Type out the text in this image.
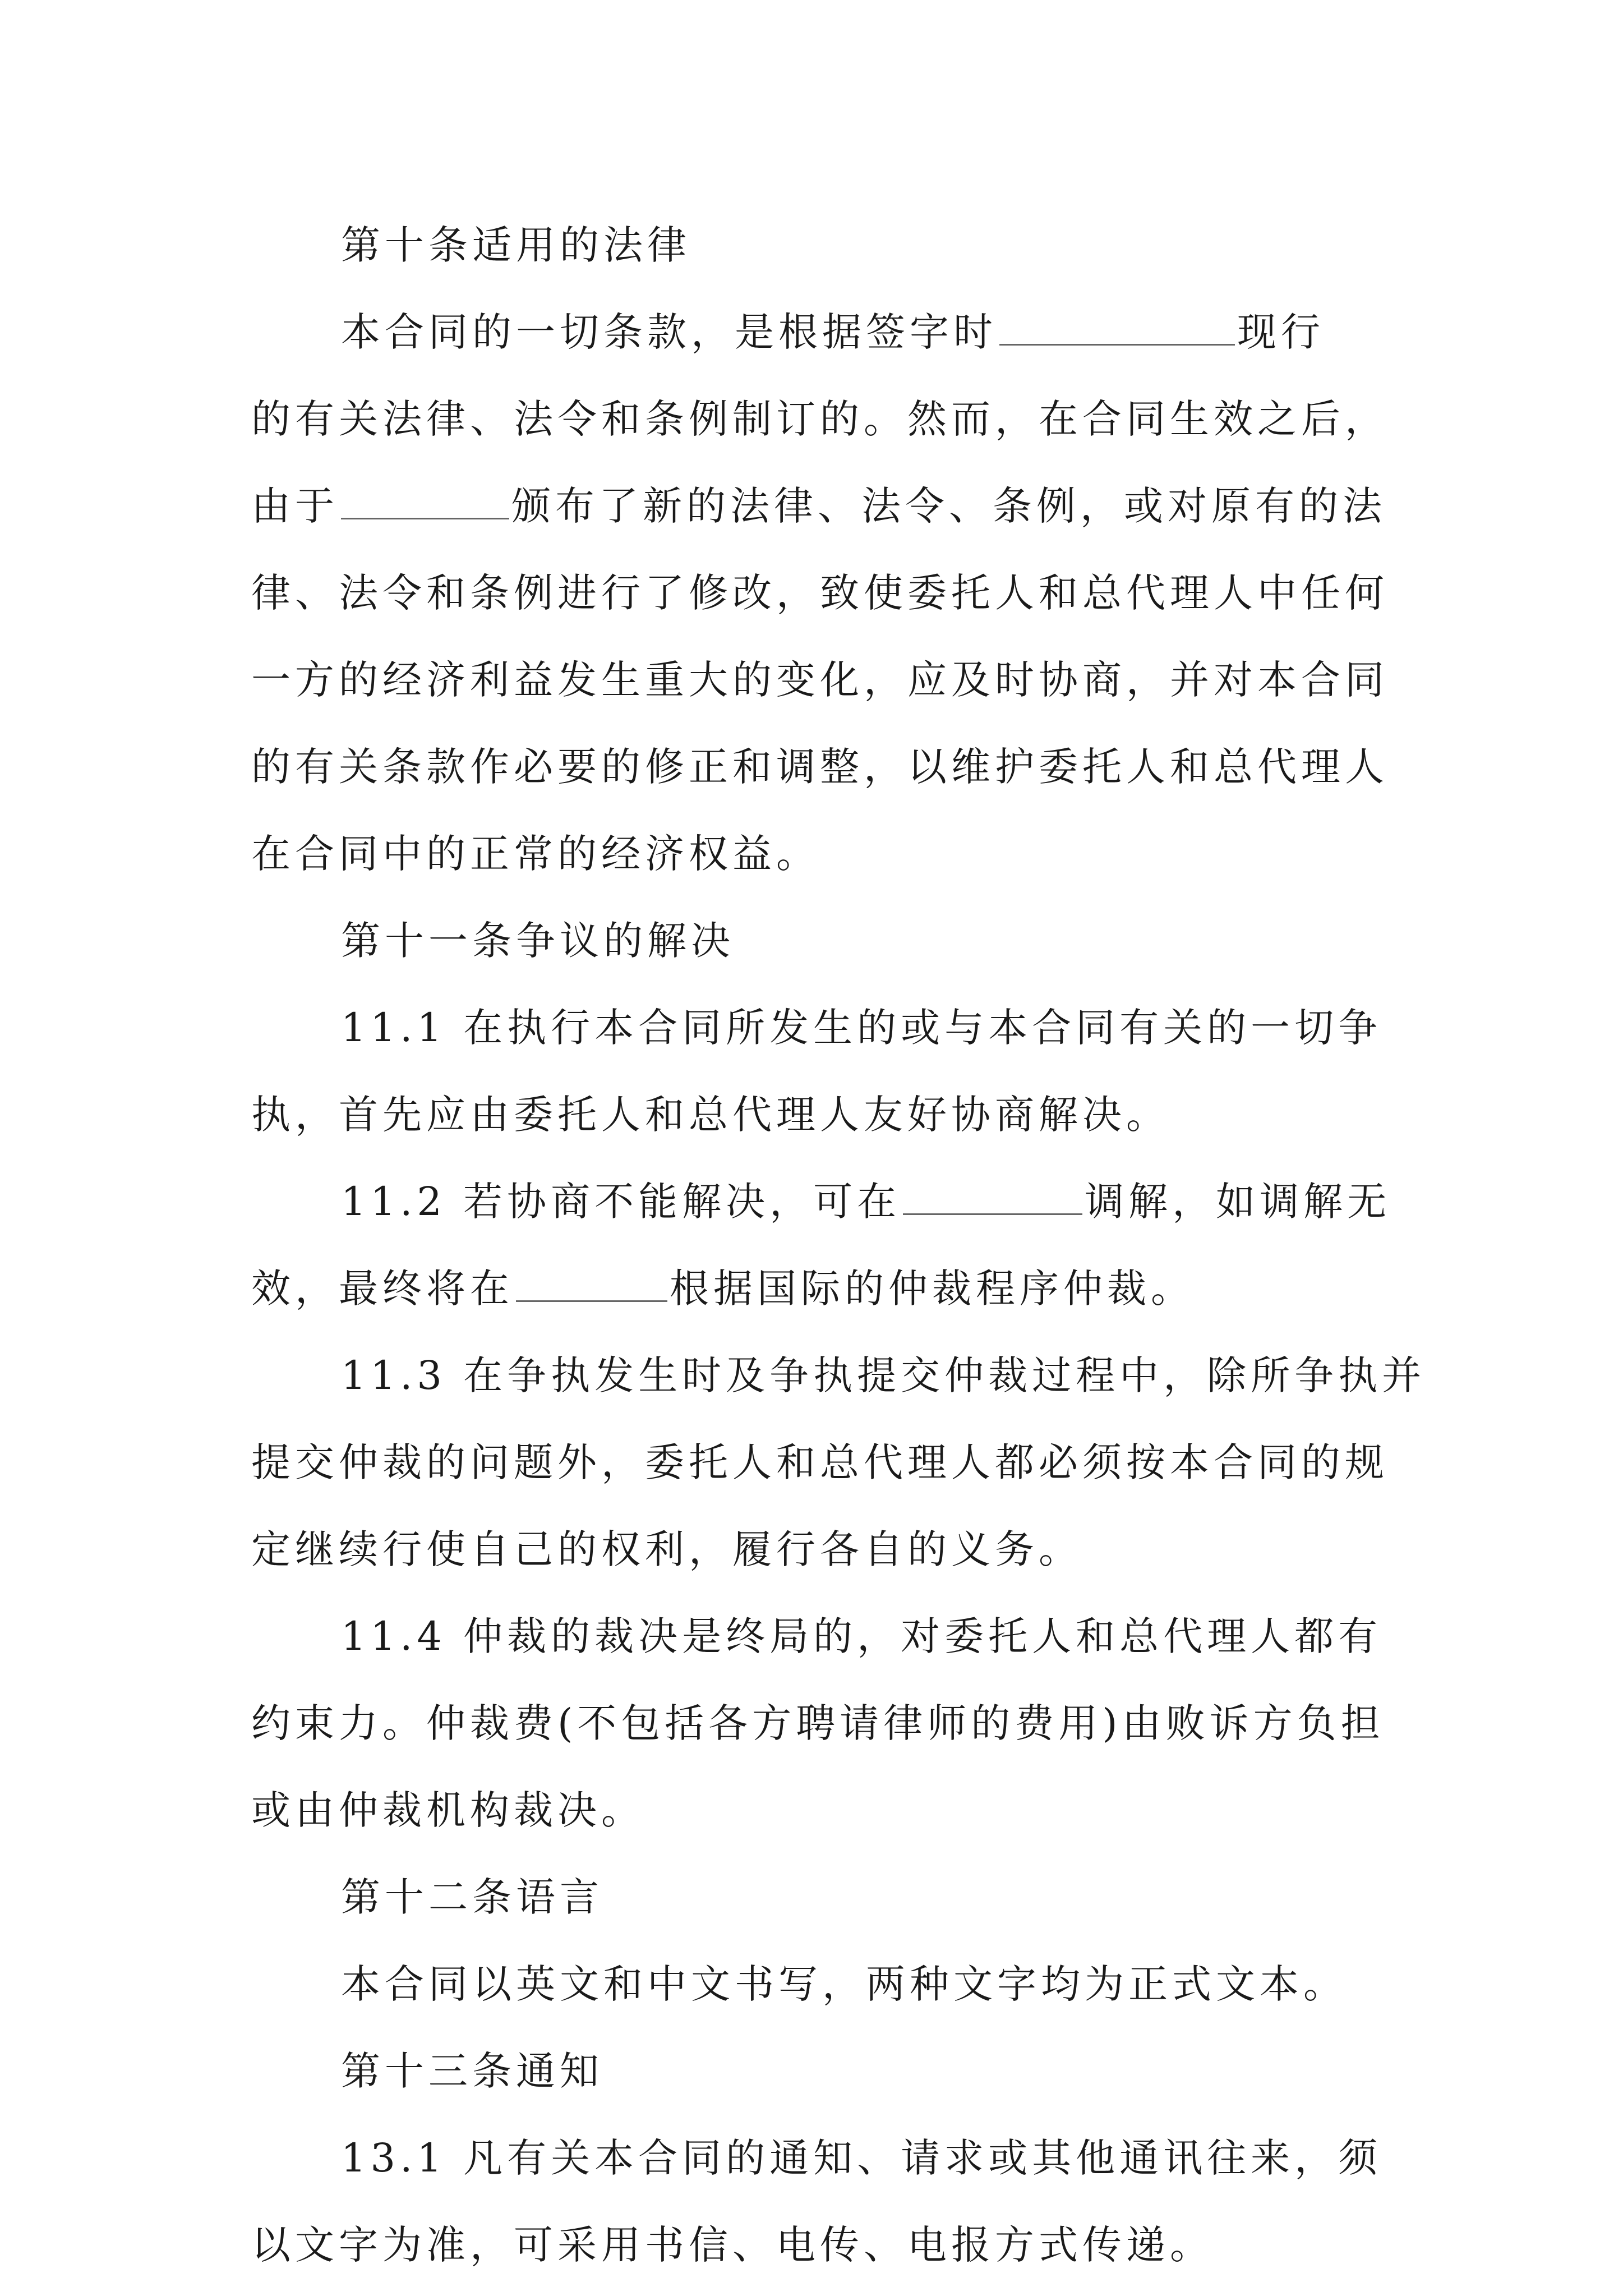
第十条适用的法律
本合同的一切条款，是根据签字时	现行
的有关法律、法令和条例制订的。然而，在合同生效之后，
由于	颁布了新的法律、法令、条例，或对原有的法
律、法令和条例进行了修改，致使委托人和总代理人中任何
一方的经济利益发生重大的变化，应及时协商，并对本合同
的有关条款作必要的修正和调整，以维护委托人和总代理人
在合同中的正常的经济权益。
第十一条争议的解决
11.1 在执行本合同所发生的或与本合同有关的一切争
执，首先应由委托人和总代理人友好协商解决。
11.2 若协商不能解决，可在	调解，如调解无
效，最终将在	根据国际的仲裁程序仲裁。
11.3 在争执发生时及争执提交仲裁过程中，除所争执并
提交仲裁的问题外，委托人和总代理人都必须按本合同的规
定继续行使自己的权利，履行各自的义务。
11.4 仲裁的裁决是终局的，对委托人和总代理人都有
约束力。仲裁费(不包括各方聘请律师的费用)由败诉方负担
或由仲裁机构裁决。
第十二条语言
本合同以英文和中文书写，两种文字均为正式文本。
第十三条通知
13.1 凡有关本合同的通知、请求或其他通讯往来，须
以文字为准，可采用书信、电传、电报方式传递。
